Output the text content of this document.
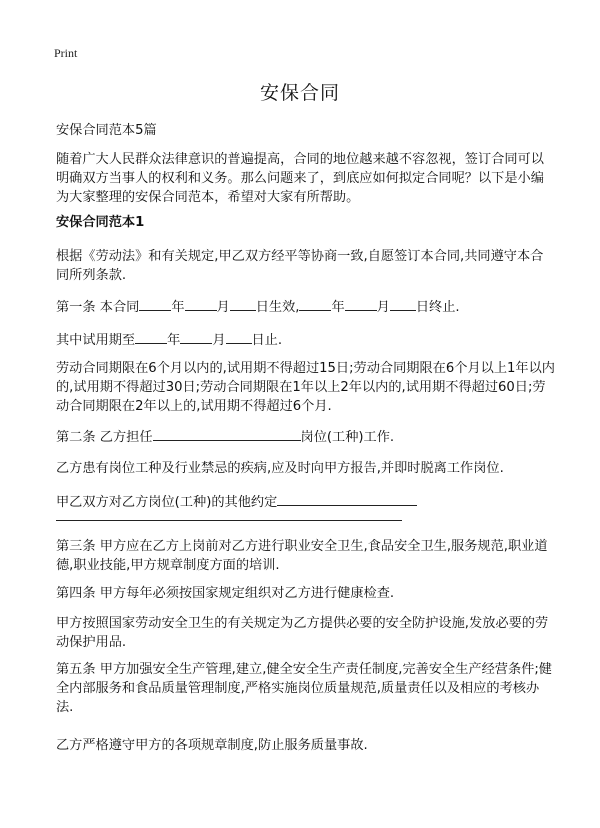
Print
安保合同
安保合同范本5篇
随着广大人民群众法律意识的普遍提高，合同的地位越来越不容忽视，签订合同可以明确双方当事人的权利和义务。那么问题来了，到底应如何拟定合同呢？以下是小编为大家整理的安保合同范本，希望对大家有所帮助。
安保合同范本1
根据《劳动法》和有关规定,甲乙双方经平等协商一致,自愿签订本合同,共同遵守本合同所列条款.
第一条 本合同 年 月 日生效, 年 月 日终止.
其中试用期至 年 月 日止.
劳动合同期限在6个月以内的,试用期不得超过15日;劳动合同期限在6个月以上1年以内的,试用期不得超过30日;劳动合同期限在1年以上2年以内的,试用期不得超过60日;劳动合同期限在2年以上的,试用期不得超过6个月.
第二条 乙方担任	岗位(工种)工作.
乙方患有岗位工种及行业禁忌的疾病,应及时向甲方报告,并即时脱离工作岗位.
甲乙双方对乙方岗位(工种)的其他约定
第三条 甲方应在乙方上岗前对乙方进行职业安全卫生,食品安全卫生,服务规范,职业道德,职业技能,甲方规章制度方面的培训.
第四条 甲方每年必须按国家规定组织对乙方进行健康检查.
甲方按照国家劳动安全卫生的有关规定为乙方提供必要的安全防护设施,发放必要的劳动保护用品.
第五条 甲方加强安全生产管理,建立,健全安全生产责任制度,完善安全生产经营条件;健全内部服务和食品质量管理制度,严格实施岗位质量规范,质量责任以及相应的考核办法.
乙方严格遵守甲方的各项规章制度,防止服务质量事故.
